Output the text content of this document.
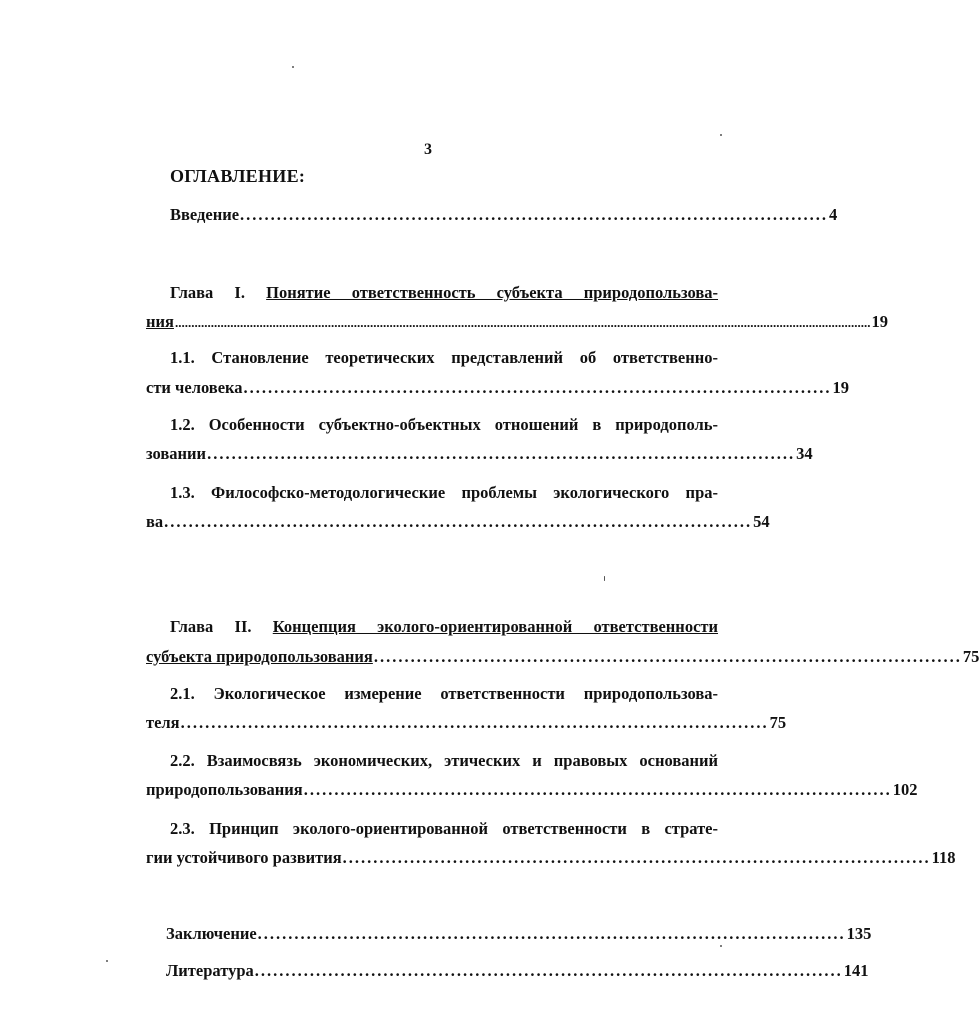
3
ОГЛАВЛЕНИЕ:
Введение ................................................................................................ 4
Глава I. Понятие ответственность субъекта природопользова-
ния ...................................................................................................................................................................................................................... 19
1.1. Становление теоретических представлений об ответственно-
сти человека ................................................................................................ 19
1.2. Особенности субъектно-объектных отношений в природополь-
зовании ................................................................................................ 34
1.3. Философско-методологические проблемы экологического пра-
ва ................................................................................................ 54
Глава II. Концепция эколого-ориентированной ответственности
субъекта природопользования ................................................................................................ 75
2.1. Экологическое измерение ответственности природопользова-
теля ................................................................................................ 75
2.2. Взаимосвязь экономических, этических и правовых оснований
природопользования ................................................................................................ 102
2.3. Принцип эколого-ориентированной ответственности в страте-
гии устойчивого развития ................................................................................................ 118
Заключение ................................................................................................ 135
Литература ................................................................................................ 141
